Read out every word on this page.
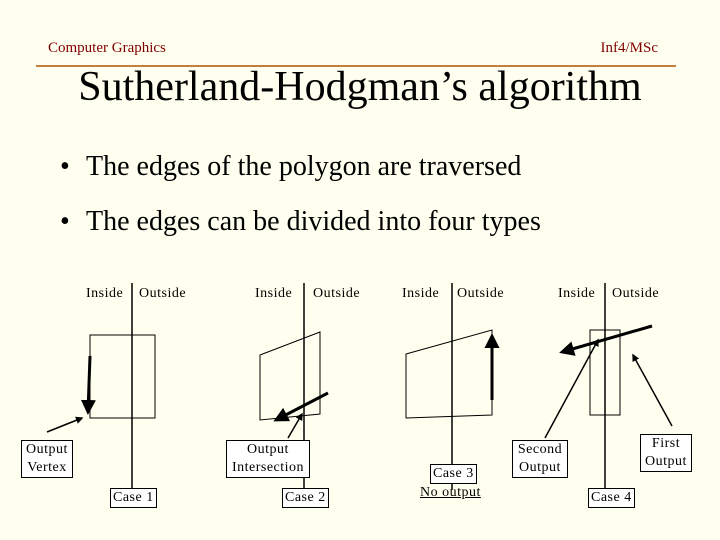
Computer Graphics	Inf4/MSc
Sutherland-Hodgman’s algorithm
• The edges of the polygon are traversed
• The edges can be divided into four types
Inside Outside
Output Vertex
Case 1
Inside Outside
Output Intersection
Case 2
Inside Outside
Case 3
No output
Inside Outside
Second Output
First Output
Case 4
